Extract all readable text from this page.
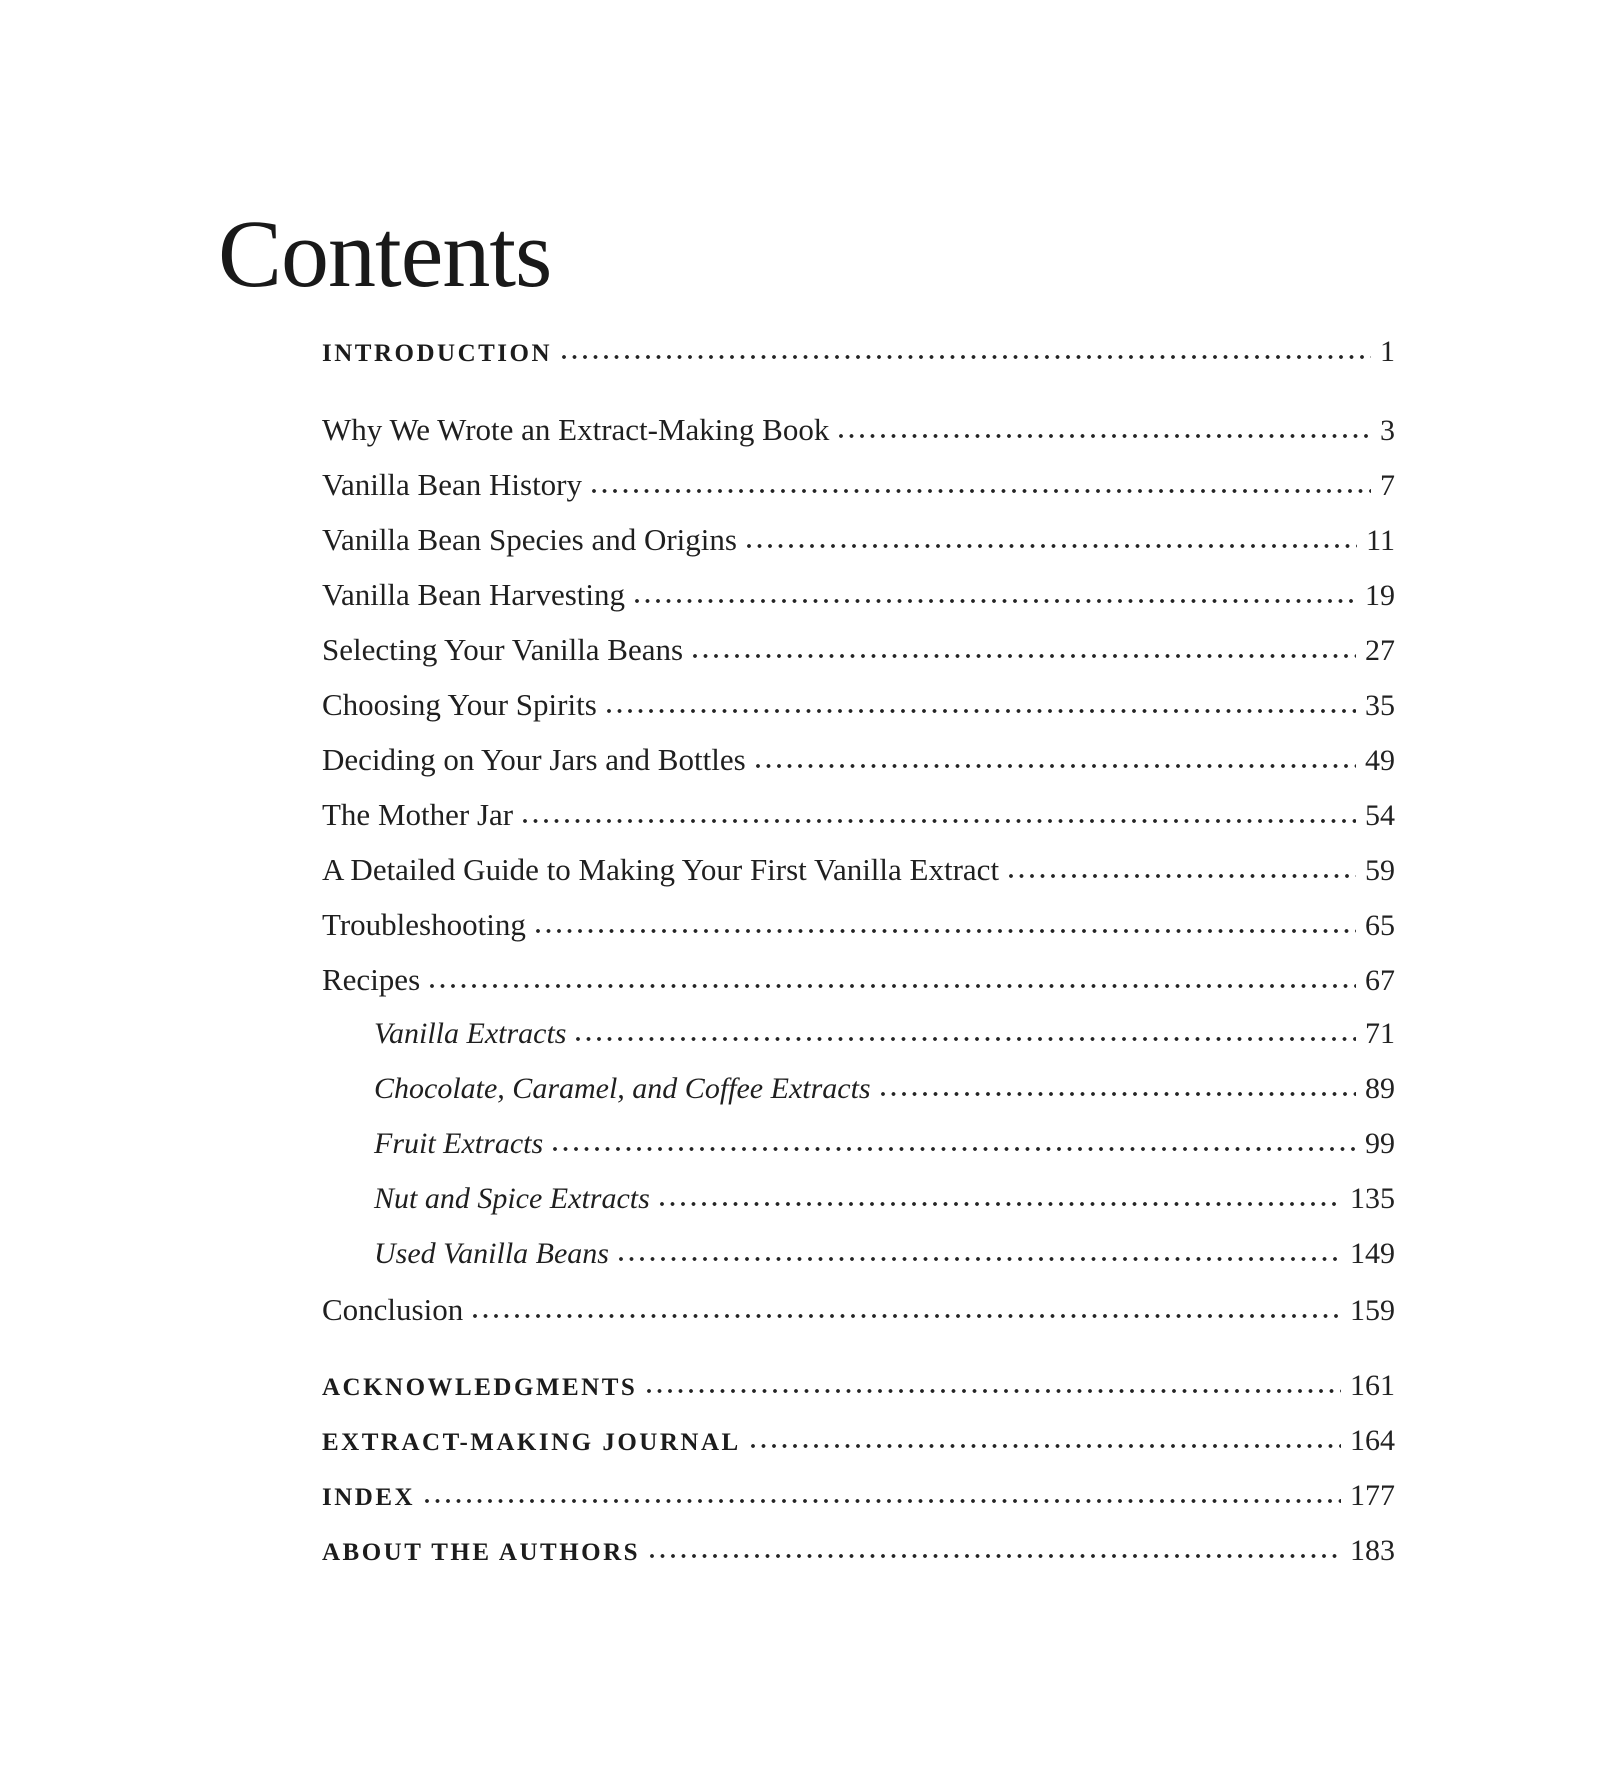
Contents
INTRODUCTION	1
Why We Wrote an Extract-Making Book	3
Vanilla Bean History	7
Vanilla Bean Species and Origins	11
Vanilla Bean Harvesting	19
Selecting Your Vanilla Beans	27
Choosing Your Spirits	35
Deciding on Your Jars and Bottles	49
The Mother Jar	54
A Detailed Guide to Making Your First Vanilla Extract	59
Troubleshooting	65
Recipes	67
Vanilla Extracts	71
Chocolate, Caramel, and Coffee Extracts	89
Fruit Extracts	99
Nut and Spice Extracts	135
Used Vanilla Beans	149
Conclusion	159
ACKNOWLEDGMENTS	161
EXTRACT-MAKING JOURNAL	164
INDEX	177
ABOUT THE AUTHORS	183
